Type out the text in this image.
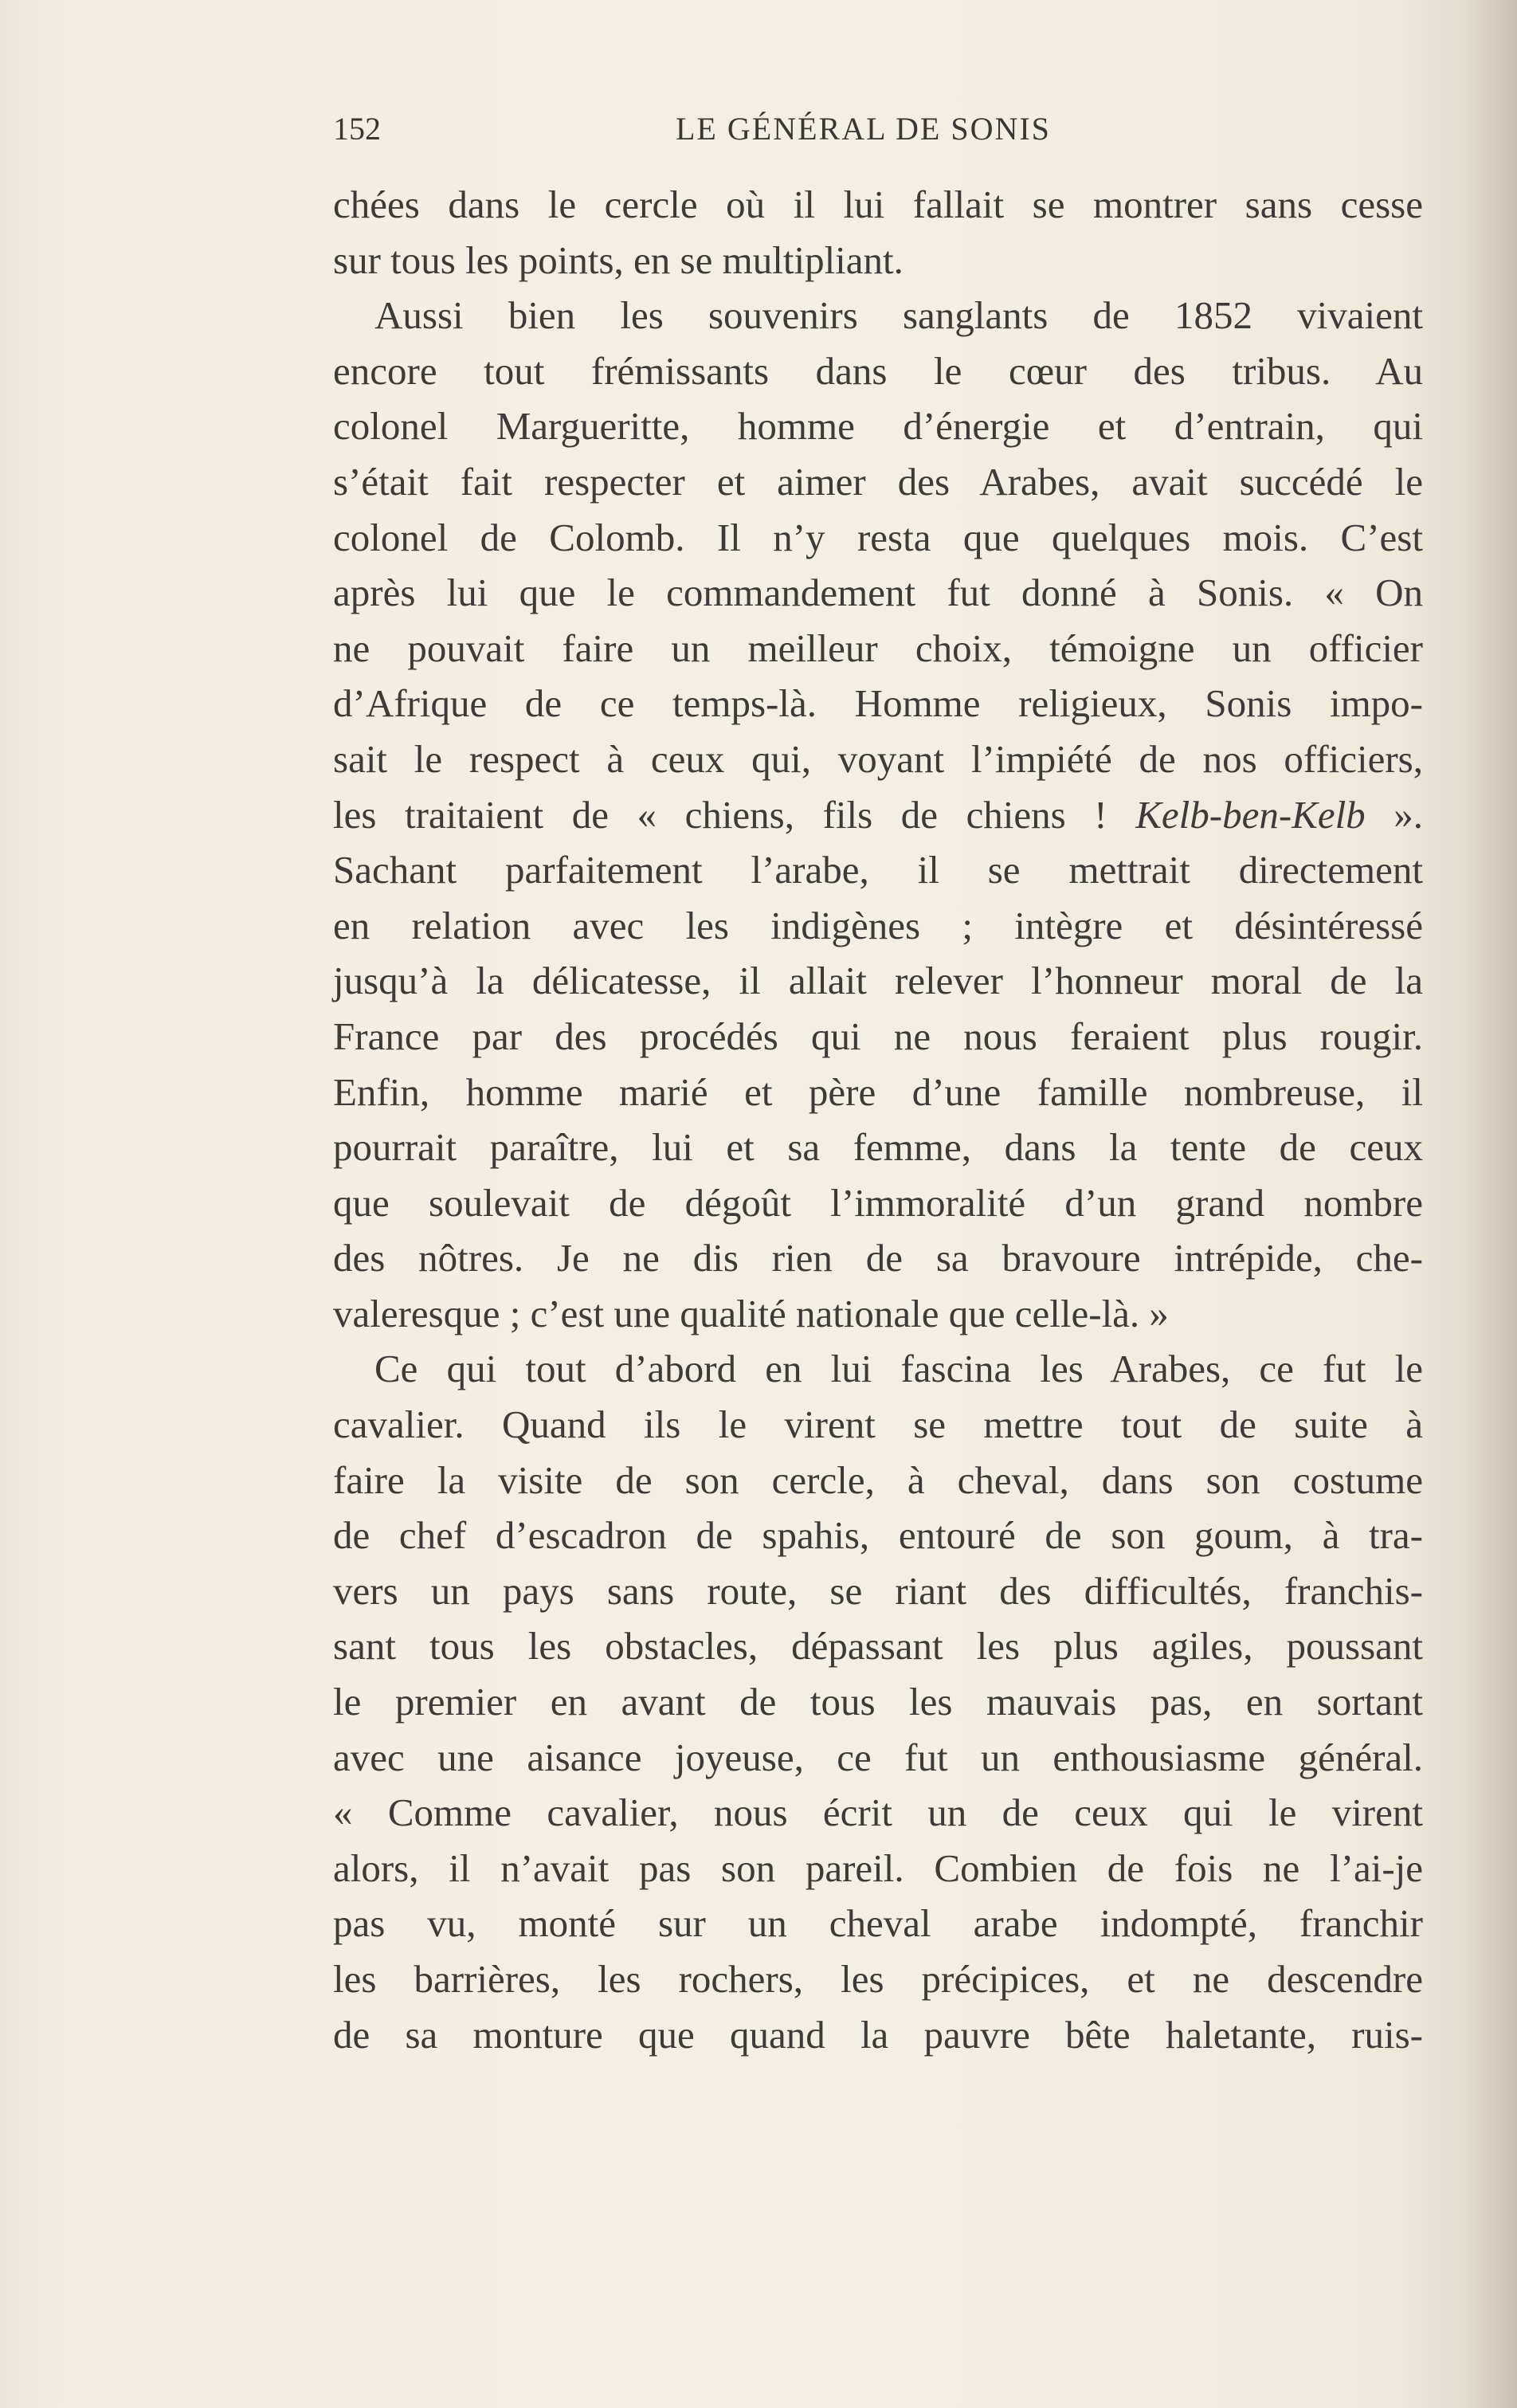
152	LE GÉNÉRAL DE SONIS
chées dans le cercle où il lui fallait se montrer sans cesse
sur tous les points, en se multipliant.
Aussi bien les souvenirs sanglants de 1852 vivaient
encore tout frémissants dans le cœur des tribus. Au
colonel Margueritte, homme d’énergie et d’entrain, qui
s’était fait respecter et aimer des Arabes, avait succédé le
colonel de Colomb. Il n’y resta que quelques mois. C’est
après lui que le commandement fut donné à Sonis. « On
ne pouvait faire un meilleur choix, témoigne un officier
d’Afrique de ce temps-là. Homme religieux, Sonis impo-
sait le respect à ceux qui, voyant l’impiété de nos officiers,
les traitaient de « chiens, fils de chiens ! Kelb-ben-Kelb ».
Sachant parfaitement l’arabe, il se mettrait directement
en relation avec les indigènes ; intègre et désintéressé
jusqu’à la délicatesse, il allait relever l’honneur moral de la
France par des procédés qui ne nous feraient plus rougir.
Enfin, homme marié et père d’une famille nombreuse, il
pourrait paraître, lui et sa femme, dans la tente de ceux
que soulevait de dégoût l’immoralité d’un grand nombre
des nôtres. Je ne dis rien de sa bravoure intrépide, che-
valeresque ; c’est une qualité nationale que celle-là. »
Ce qui tout d’abord en lui fascina les Arabes, ce fut le
cavalier. Quand ils le virent se mettre tout de suite à
faire la visite de son cercle, à cheval, dans son costume
de chef d’escadron de spahis, entouré de son goum, à tra-
vers un pays sans route, se riant des difficultés, franchis-
sant tous les obstacles, dépassant les plus agiles, poussant
le premier en avant de tous les mauvais pas, en sortant
avec une aisance joyeuse, ce fut un enthousiasme général.
« Comme cavalier, nous écrit un de ceux qui le virent
alors, il n’avait pas son pareil. Combien de fois ne l’ai-je
pas vu, monté sur un cheval arabe indompté, franchir
les barrières, les rochers, les précipices, et ne descendre
de sa monture que quand la pauvre bête haletante, ruis-
